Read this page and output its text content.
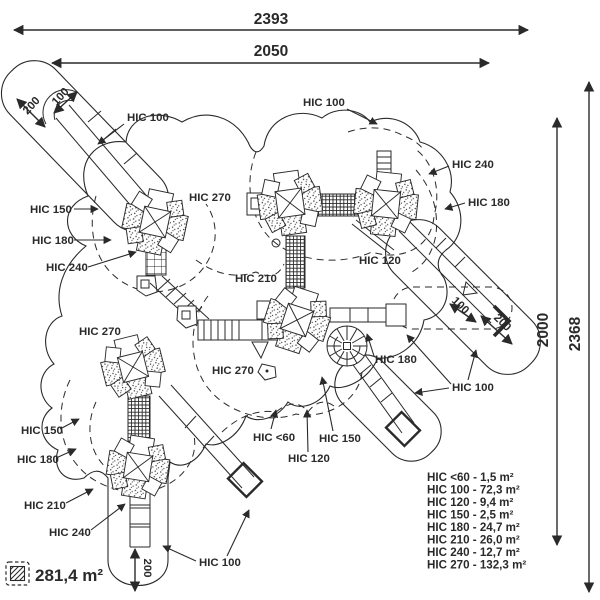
2393
2050
2000 2368
200 100
100
200
200
HIC 100
HIC 150
HIC 180
HIC 240
HIC 270
HIC 100
HIC 240
HIC 180
HIC 120
HIC 210
HIC 270
HIC 150
HIC 180
HIC 270
HIC 180
HIC 100
HIC <60 HIC 150
HIC 120
HIC 210
HIC 240
HIC 100
HIC <60 - 1,5 m²
HIC 100 - 72,3 m²
HIC 120 - 9,4 m²
HIC 150 - 2,5 m²
HIC 180 - 24,7 m²
HIC 210 - 26,0 m²
HIC 240 - 12,7 m²
HIC 270 - 132,3 m²
281,4 m²
